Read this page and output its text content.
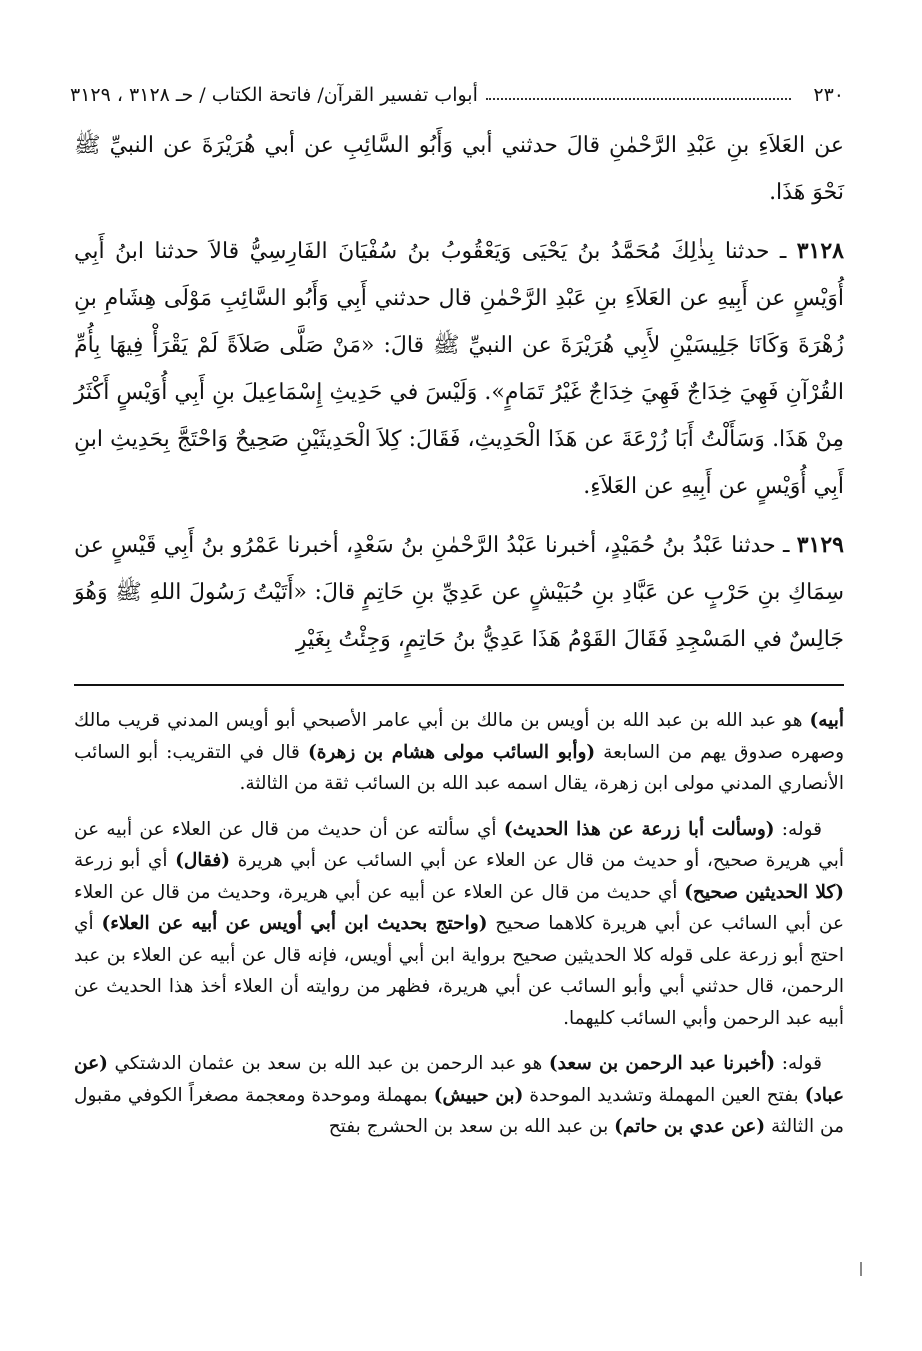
٢٣٠
أبواب تفسير القرآن/ فاتحة الكتاب / حـ ٣١٢٨ ، ٣١٢٩

عن العَلاَءِ بنِ عَبْدِ الرَّحْمٰنِ قالَ حدثني أبي وَأَبُو السَّائِبِ عن أبي هُرَيْرَةَ عن النبيِّ ﷺ نَحْوَ هَذَا.

٣١٢٨ ـ حدثنا بِذٰلِكَ مُحَمَّدُ بنُ يَحْيَى وَيَعْقُوبُ بنُ سُفْيَانَ الفَارِسِيُّ قالاَ حدثنا ابنُ أَبِي أُوَيْسٍ عن أَبِيهِ عن العَلاَءِ بنِ عَبْدِ الرَّحْمٰنِ قال حدثني أَبِي وَأَبُو السَّائِبِ مَوْلَى هِشَامِ بنِ زُهْرَةَ وَكَانَا جَلِيسَيْنِ لأَبِي هُرَيْرَةَ عن النبيِّ ﷺ قالَ: «مَنْ صَلَّى صَلاَةً لَمْ يَقْرَأْ فِيهَا بِأُمِّ القُرْآنِ فَهِيَ خِدَاجٌ فَهِيَ خِدَاجٌ غَيْرُ تَمَامٍ». وَلَيْسَ في حَدِيثِ إِسْمَاعِيلَ بنِ أَبِي أُوَيْسٍ أَكْثَرُ مِنْ هَذَا. وَسَأَلْتُ أَبَا زُرْعَةَ عن هَذَا الْحَدِيثِ، فَقَالَ: كِلاَ الْحَدِيثَيْنِ صَحِيحٌ وَاحْتَجَّ بِحَدِيثِ ابنِ أَبِي أُوَيْسٍ عن أَبِيهِ عن العَلاَءِ.

٣١٢٩ ـ حدثنا عَبْدُ بنُ حُمَيْدٍ، أخبرنا عَبْدُ الرَّحْمٰنِ بنُ سَعْدٍ، أخبرنا عَمْرُو بنُ أَبِي قَيْسٍ عن سِمَاكِ بنِ حَرْبٍ عن عَبَّادِ بنِ حُبَيْشٍ عن عَدِيِّ بنِ حَاتِمٍ قالَ: «أَتَيْتُ رَسُولَ اللهِ ﷺ وَهُوَ جَالِسٌ في المَسْجِدِ فَقَالَ القَوْمُ هَذَا عَدِيُّ بنُ حَاتِمٍ، وَجِئْتُ بِغَيْرِ

أبيه) هو عبد الله بن عبد الله بن أويس بن مالك بن أبي عامر الأصبحي أبو أويس المدني قريب مالك وصهره صدوق يهم من السابعة (وأبو السائب مولى هشام بن زهرة) قال في التقريب: أبو السائب الأنصاري المدني مولى ابن زهرة، يقال اسمه عبد الله بن السائب ثقة من الثالثة.

قوله: (وسألت أبا زرعة عن هذا الحديث) أي سألته عن أن حديث من قال عن العلاء عن أبيه عن أبي هريرة صحيح، أو حديث من قال عن العلاء عن أبي السائب عن أبي هريرة (فقال) أي أبو زرعة (كلا الحديثين صحيح) أي حديث من قال عن العلاء عن أبيه عن أبي هريرة، وحديث من قال عن العلاء عن أبي السائب عن أبي هريرة كلاهما صحيح (واحتج بحديث ابن أبي أويس عن أبيه عن العلاء) أي احتج أبو زرعة على قوله كلا الحديثين صحيح برواية ابن أبي أويس، فإنه قال عن أبيه عن العلاء بن عبد الرحمن، قال حدثني أبي وأبو السائب عن أبي هريرة، فظهر من روايته أن العلاء أخذ هذا الحديث عن أبيه عبد الرحمن وأبي السائب كليهما.

قوله: (أخبرنا عبد الرحمن بن سعد) هو عبد الرحمن بن عبد الله بن سعد بن عثمان الدشتكي (عن عباد) بفتح العين المهملة وتشديد الموحدة (بن حبيش) بمهملة وموحدة ومعجمة مصغراً الكوفي مقبول من الثالثة (عن عدي بن حاتم) بن عبد الله بن سعد بن الحشرج بفتح
